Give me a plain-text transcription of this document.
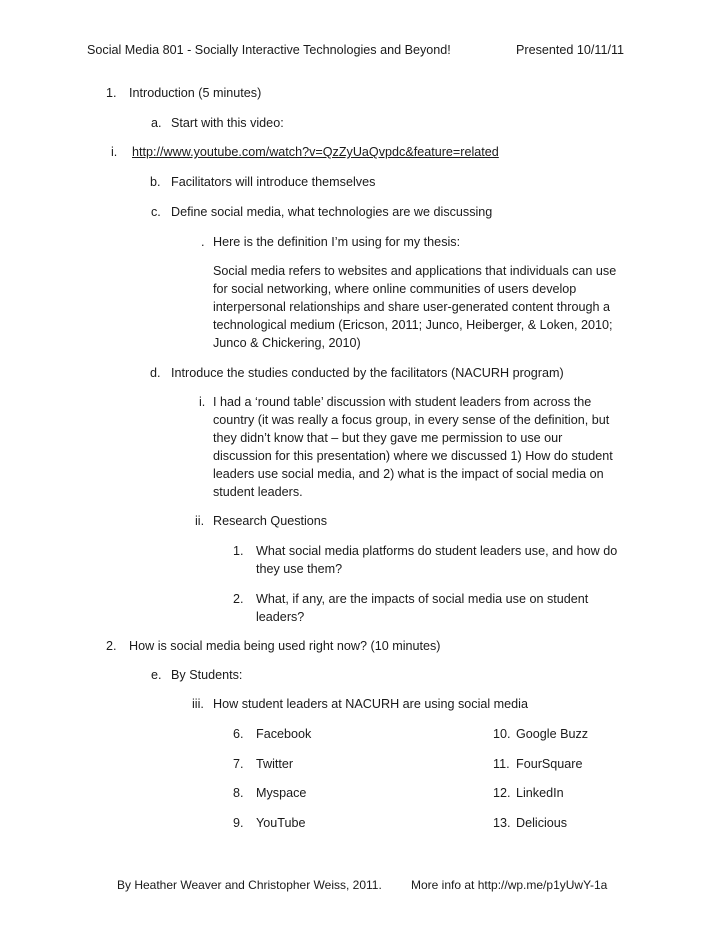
Social Media 801 - Socially Interactive Technologies and Beyond!	Presented 10/11/11
1. Introduction (5 minutes)
a. Start with this video:
i. http://www.youtube.com/watch?v=QzZyUaQvpdc&feature=related
b. Facilitators will introduce themselves
c. Define social media, what technologies are we discussing
. Here is the definition I’m using for my thesis:
Social media refers to websites and applications that individuals can use
for social networking, where online communities of users develop
interpersonal relationships and share user-generated content through a
technological medium (Ericson, 2011; Junco, Heiberger, & Loken, 2010;
Junco & Chickering, 2010)
d. Introduce the studies conducted by the facilitators (NACURH program)
i. I had a ‘round table’ discussion with student leaders from across the
country (it was really a focus group, in every sense of the definition, but
they didn’t know that – but they gave me permission to use our
discussion for this presentation) where we discussed 1) How do student
leaders use social media, and 2) what is the impact of social media on
student leaders.
ii. Research Questions
1. What social media platforms do student leaders use, and how do
they use them?
2. What, if any, are the impacts of social media use on student
leaders?
2. How is social media being used right now? (10 minutes)
e. By Students:
iii. How student leaders at NACURH are using social media
6. Facebook
7. Twitter
8. Myspace
9. YouTube
10. Google Buzz
11. FourSquare
12. LinkedIn
13. Delicious
By Heather Weaver and Christopher Weiss, 2011. More info at http://wp.me/p1yUwY-1a
